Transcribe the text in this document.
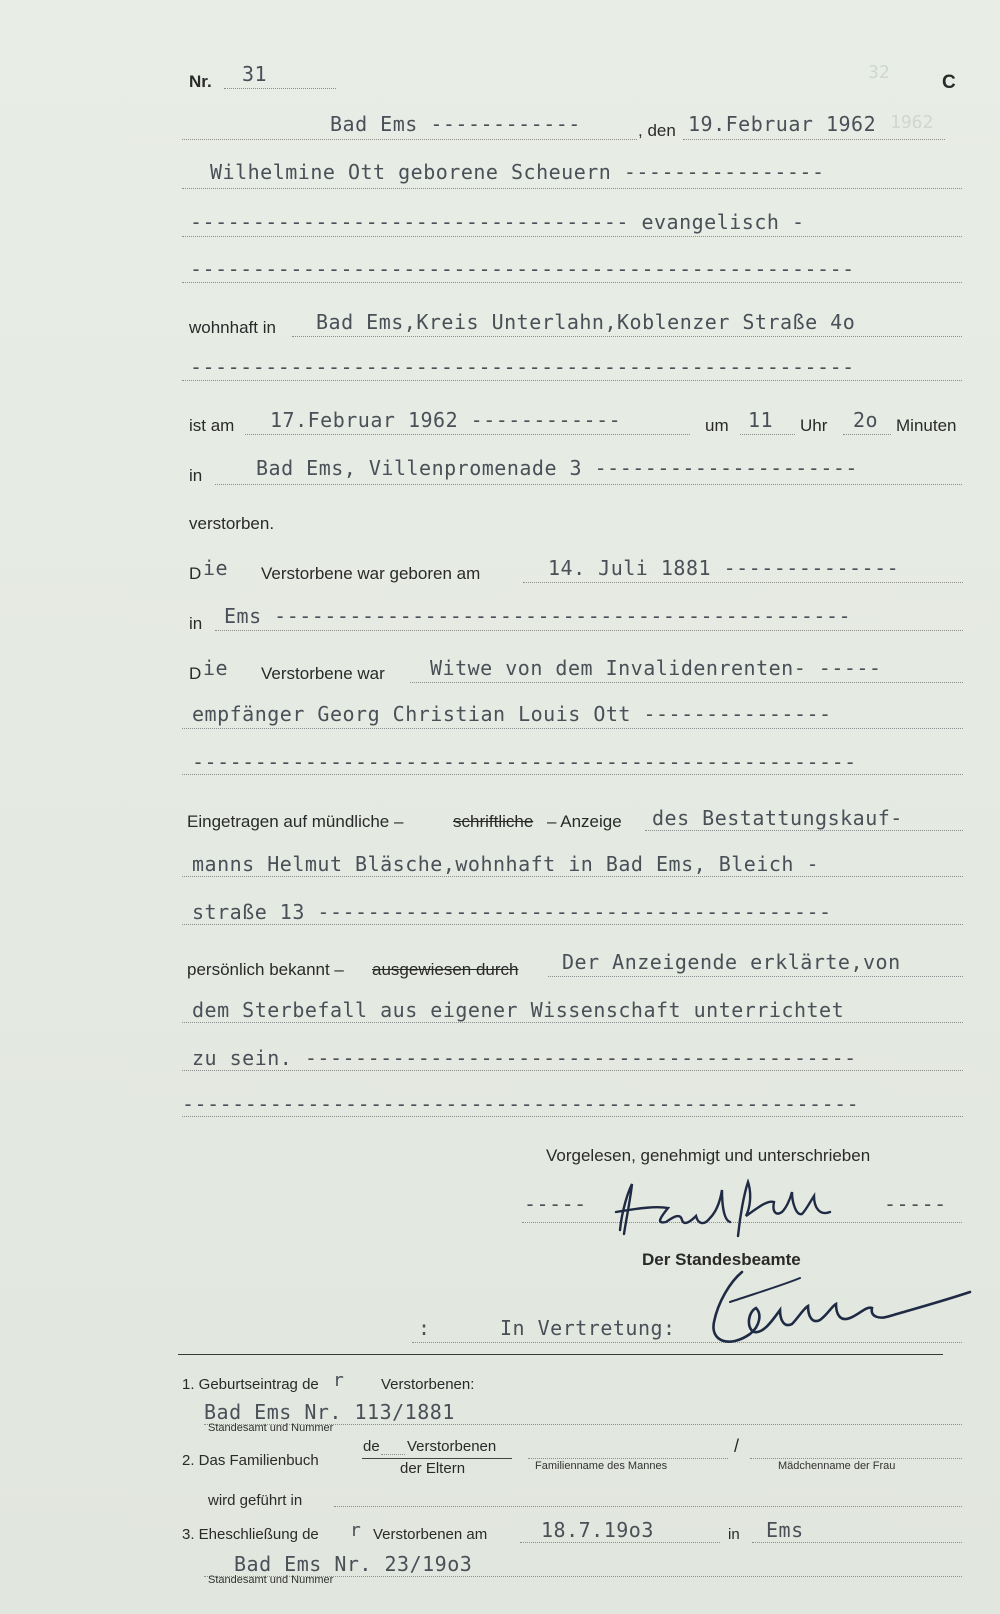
32
1962
Nr. 31	C
Bad Ems ------------	, den 19.Februar 1962
Wilhelmine Ott geborene Scheuern ----------------
----------------------------------- evangelisch -
-----------------------------------------------------
wohnhaft in Bad Ems,Kreis Unterlahn,Koblenzer Straße 4o
-----------------------------------------------------
ist am 17.Februar 1962 ------------	um 11 Uhr 2o Minuten
in	Bad Ems, Villenpromenade 3 ---------------------
verstorben.
D ie Verstorbene war geboren am	14. Juli 1881 --------------
in Ems ----------------------------------------------
D ie Verstorbene war Witwe von dem Invalidenrenten- -----
empfänger Georg Christian Louis Ott ---------------
-----------------------------------------------------
Eingetragen auf mündliche –	schriftliche – Anzeige des Bestattungskauf-
manns Helmut Bläsche,wohnhaft in Bad Ems, Bleich -
straße 13 -----------------------------------------
persönlich bekannt – ausgewiesen durch Der Anzeigende erklärte,von
dem Sterbefall aus eigener Wissenschaft unterrichtet
zu sein. --------------------------------------------
------------------------------------------------------
Vorgelesen, genehmigt und unterschrieben
-----	-----
Der Standesbeamte
:	In Vertretung:
1. Geburtseintrag de r Verstorbenen:
Bad Ems Nr. 113/1881
Standesamt und Nummer
2. Das Familienbuch
de Verstorbenen
der Eltern
/
Familienname des Mannes	Mädchenname der Frau
wird geführt in
3. Eheschließung de r Verstorbenen am	18.7.19o3	in Ems
Bad Ems Nr. 23/19o3
Standesamt und Nummer
